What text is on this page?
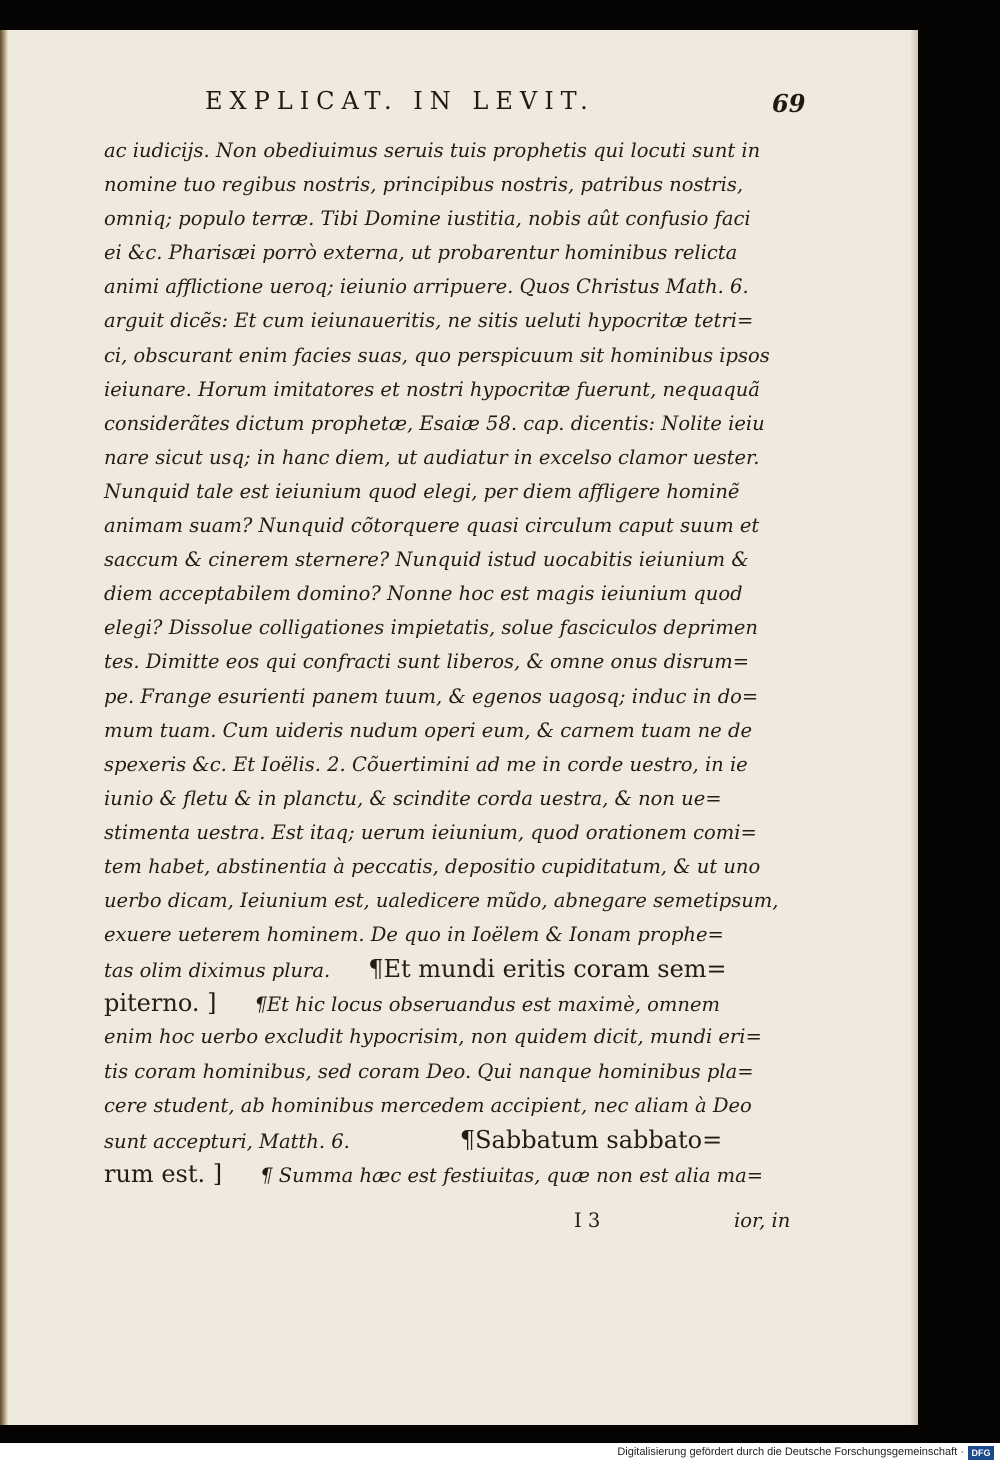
EXPLICAT. IN LEVIT.	69
ac iudicijs. Non obediuimus seruis tuis prophetis qui locuti sunt in
nomine tuo regibus nostris, principibus nostris, patribus nostris,
omniq; populo terræ. Tibi Domine iustitia, nobis aût confusio faci
ei &c. Pharisæi porrò externa, ut probarentur hominibus relicta
animi afflictione ueroq; ieiunio arripuere. Quos Christus Math. 6.
arguit dicẽs: Et cum ieiunaueritis, ne sitis ueluti hypocritæ tetri=
ci, obscurant enim facies suas, quo perspicuum sit hominibus ipsos
ieiunare. Horum imitatores et nostri hypocritæ fuerunt, nequaquã
considerãtes dictum prophetæ, Esaiæ 58. cap. dicentis: Nolite ieiu
nare sicut usq; in hanc diem, ut audiatur in excelso clamor uester.
Nunquid tale est ieiunium quod elegi, per diem affligere hominẽ
animam suam? Nunquid cõtorquere quasi circulum caput suum et
saccum & cinerem sternere? Nunquid istud uocabitis ieiunium &
diem acceptabilem domino? Nonne hoc est magis ieiunium quod
elegi? Dissolue colligationes impietatis, solue fasciculos deprimen
tes. Dimitte eos qui confracti sunt liberos, & omne onus disrum=
pe. Frange esurienti panem tuum, & egenos uagosq; induc in do=
mum tuam. Cum uideris nudum operi eum, & carnem tuam ne de
spexeris &c. Et Ioëlis. 2. Cõuertimini ad me in corde uestro, in ie
iunio & fletu & in planctu, & scindite corda uestra, & non ue=
stimenta uestra. Est itaq; uerum ieiunium, quod orationem comi=
tem habet, abstinentia à peccatis, depositio cupiditatum, & ut uno
uerbo dicam, Ieiunium est, ualedicere mũdo, abnegare semetipsum,
exuere ueterem hominem. De quo in Ioëlem & Ionam prophe=
tas olim diximus plura. ¶Et mundi eritis coram sem=
piterno. ] ¶Et hic locus obseruandus est maximè, omnem
enim hoc uerbo excludit hypocrisim, non quidem dicit, mundi eri=
tis coram hominibus, sed coram Deo. Qui nanque hominibus pla=
cere student, ab hominibus mercedem accipient, nec aliam à Deo
sunt accepturi, Matth. 6.	¶Sabbatum sabbato=
rum est. ] ¶ Summa hæc est festiuitas, quæ non est alia ma=
I 3	ior, in
Digitalisierung gefördert durch die Deutsche Forschungsgemeinschaft · DFG
